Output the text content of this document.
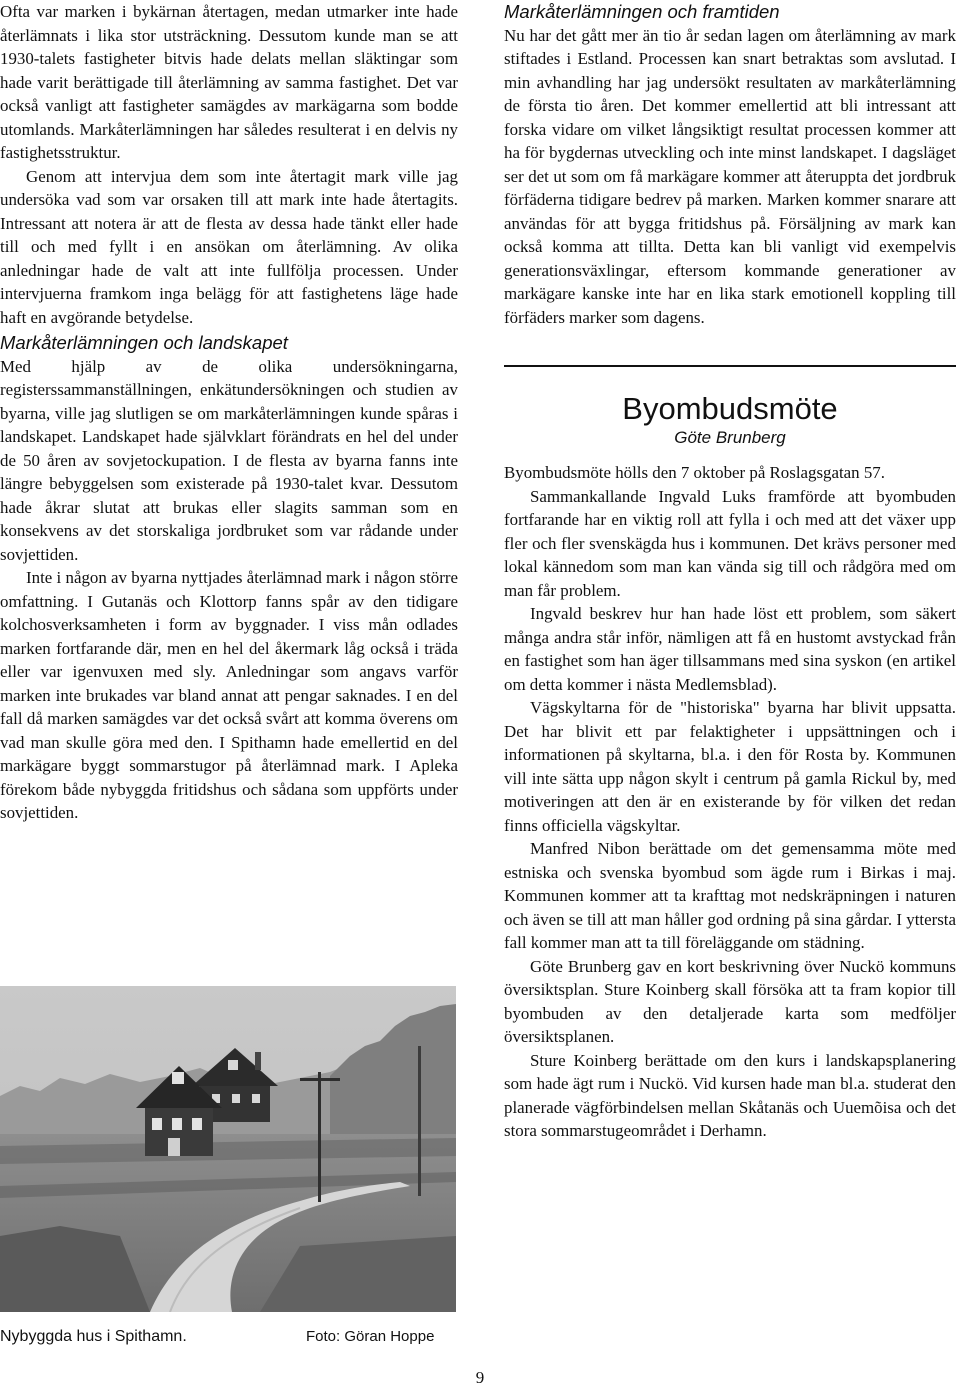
Ofta var marken i bykärnan återtagen, medan utmarker inte hade återlämnats i lika stor utsträckning. Dessutom kunde man se att 1930-talets fastigheter bitvis hade delats mellan släktingar som hade varit berättigade till återlämning av samma fastighet. Det var också vanligt att fastigheter samägdes av markägarna som bodde utomlands. Markåterlämningen har således resulterat i en delvis ny fastighetsstruktur.

Genom att intervjua dem som inte återtagit mark ville jag undersöka vad som var orsaken till att mark inte hade återtagits. Intressant att notera är att de flesta av dessa hade tänkt eller hade till och med fyllt i en ansökan om återlämning. Av olika anledningar hade de valt att inte fullfölja processen. Under intervjuerna framkom inga belägg för att fastighetens läge hade haft en avgörande betydelse.

Markåterlämningen och landskapet

Med hjälp av de olika undersökningarna, registerssammanställningen, enkätundersökningen och studien av byarna, ville jag slutligen se om markåterlämningen kunde spåras i landskapet. Landskapet hade självklart förändrats en hel del under de 50 åren av sovjetockupation. I de flesta av byarna fanns inte längre bebyggelsen som existerade på 1930-talet kvar. Dessutom hade åkrar slutat att brukas eller slagits samman som en konsekvens av det storskaliga jordbruket som var rådande under sovjettiden.

Inte i någon av byarna nyttjades återlämnad mark i någon större omfattning. I Gutanäs och Klottorp fanns spår av den tidigare kolchosverksamheten i form av byggnader. I viss mån odlades marken fortfarande där, men en hel del åkermark låg också i träda eller var igenvuxen med sly. Anledningar som angavs varför marken inte brukades var bland annat att pengar saknades. I en del fall då marken samägdes var det också svårt att komma överens om vad man skulle göra med den. I Spithamn hade emellertid en del markägare byggt sommarstugor på återlämnad mark. I Apleka förekom både nybyggda fritidshus och sådana som uppförts under sovjettiden.

Nybyggda hus i Spithamn.	Foto: Göran Hoppe
Markåterlämningen och framtiden

Nu har det gått mer än tio år sedan lagen om återlämning av mark stiftades i Estland. Processen kan snart betraktas som avslutad. I min avhandling har jag undersökt resultaten av markåterlämning de första tio åren. Det kommer emellertid att bli intressant att forska vidare om vilket långsiktigt resultat processen kommer att ha för bygdernas utveckling och inte minst landskapet. I dagsläget ser det ut som om få markägare kommer att återuppta det jordbruk förfäderna tidigare bedrev på marken. Marken kommer snarare att användas för att bygga fritidshus på. Försäljning av mark kan också komma att tillta. Detta kan bli vanligt vid exempelvis generationsväxlingar, eftersom kommande generationer av markägare kanske inte har en lika stark emotionell koppling till förfäders marker som dagens.

Byombudsmöte
Göte Brunberg

Byombudsmöte hölls den 7 oktober på Roslagsgatan 57.

Sammankallande Ingvald Luks framförde att byombuden fortfarande har en viktig roll att fylla i och med att det växer upp fler och fler svenskägda hus i kommunen. Det krävs personer med lokal kännedom som man kan vända sig till och rådgöra med om man får problem.

Ingvald beskrev hur han hade löst ett problem, som säkert många andra står inför, nämligen att få en hustomt avstyckad från en fastighet som han äger tillsammans med sina syskon (en artikel om detta kommer i nästa Medlemsblad).

Vägskyltarna för de "historiska" byarna har blivit uppsatta. Det har blivit ett par felaktigheter i uppsättningen och i informationen på skyltarna, bl.a. i den för Rosta by. Kommunen vill inte sätta upp någon skylt i centrum på gamla Rickul by, med motiveringen att den är en existerande by för vilken det redan finns officiella vägskyltar.

Manfred Nibon berättade om det gemensamma möte med estniska och svenska byombud som ägde rum i Birkas i maj. Kommunen kommer att ta krafttag mot nedskräpningen i naturen och även se till att man håller god ordning på sina gårdar. I yttersta fall kommer man att ta till föreläggande om städning.

Göte Brunberg gav en kort beskrivning över Nuckö kommuns översiktsplan. Sture Koinberg skall försöka att ta fram kopior till byombuden av den detaljerade karta som medföljer översiktsplanen.

Sture Koinberg berättade om den kurs i landskapsplanering som hade ägt rum i Nuckö. Vid kursen hade man bl.a. studerat den planerade vägförbindelsen mellan Skåtanäs och Uuemõisa och det stora sommarstugeområdet i Derhamn.

9
